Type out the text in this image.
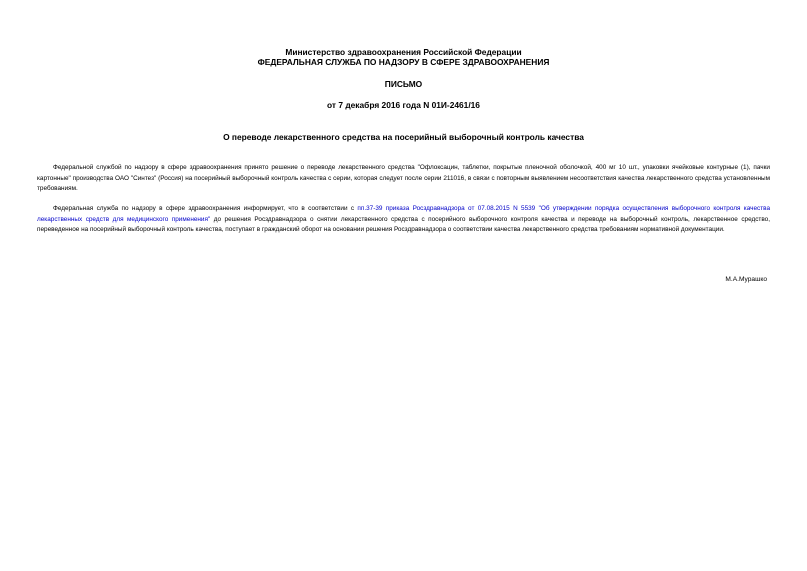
Министерство здравоохранения Российской Федерации
ФЕДЕРАЛЬНАЯ СЛУЖБА ПО НАДЗОРУ В СФЕРЕ ЗДРАВООХРАНЕНИЯ
ПИСЬМО
от 7 декабря 2016 года N 01И-2461/16
О переводе лекарственного средства на посерийный выборочный контроль качества
Федеральной службой по надзору в сфере здравоохранения принято решение о переводе лекарственного средства "Офлоксацин, таблетки, покрытые пленочной оболочкой, 400 мг 10 шт., упаковки ячейковые контурные (1), пачки картонные" производства ОАО "Синтез" (Россия) на посерийный выборочный контроль качества с серии, которая следует после серии 211016, в связи с повторным выявлением несоответствия качества лекарственного средства установленным требованиям.
Федеральная служба по надзору в сфере здравоохранения информирует, что в соответствии с пп.37-39 приказа Росздравнадзора от 07.08.2015 N 5539 "Об утверждении порядка осуществления выборочного контроля качества лекарственных средств для медицинского применения" до решения Росздравнадзора о снятии лекарственного средства с посерийного выборочного контроля качества и переводе на выборочный контроль, лекарственное средство, переведенное на посерийный выборочный контроль качества, поступает в гражданский оборот на основании решения Росздравнадзора о соответствии качества лекарственного средства требованиям нормативной документации.
М.А.Мурашко
